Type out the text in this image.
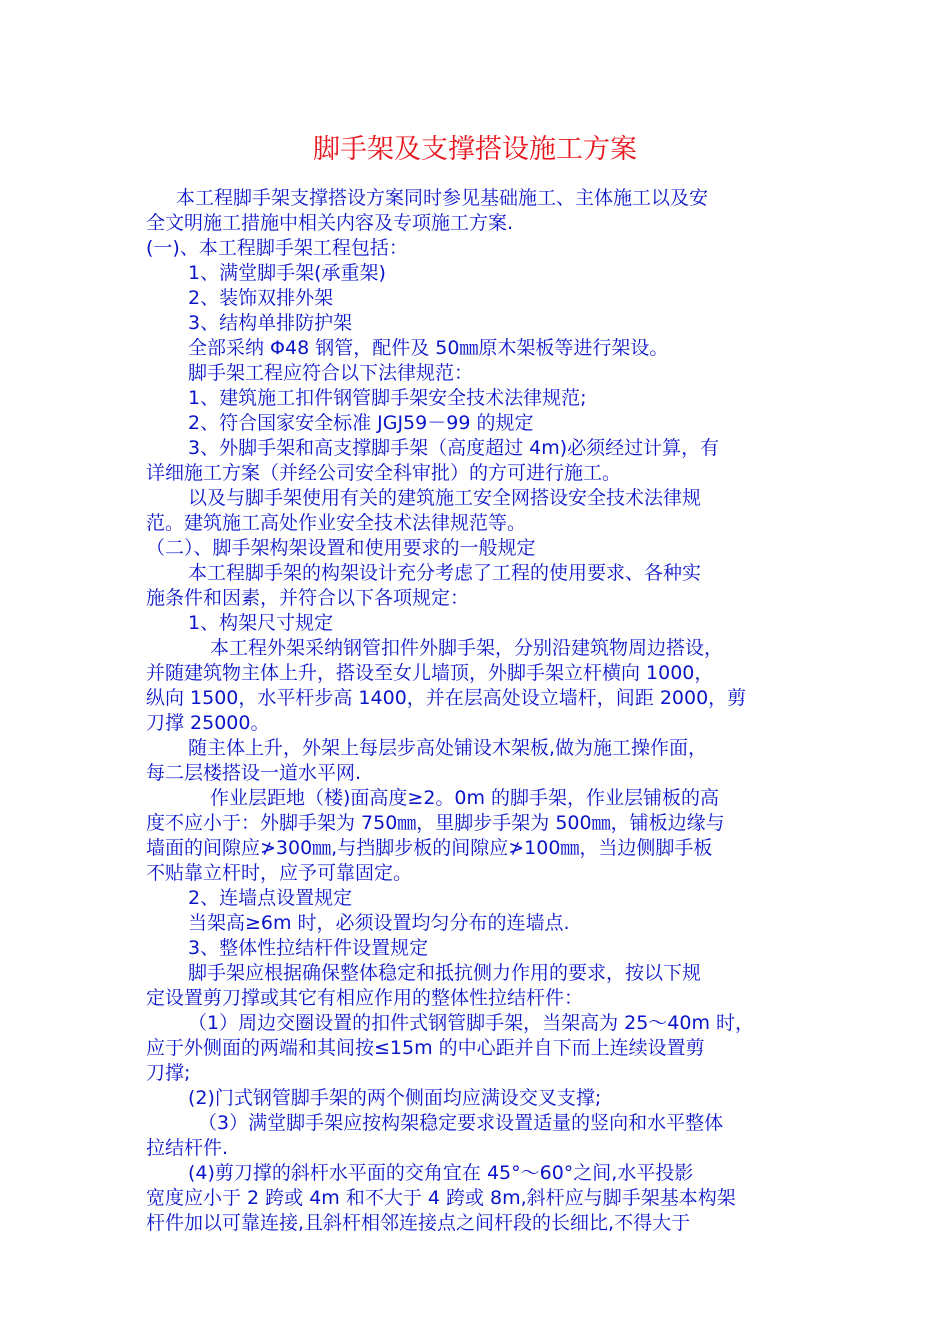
脚手架及支撑搭设施工方案
本工程脚手架支撑搭设方案同时参见基础施工、主体施工以及安
全文明施工措施中相关内容及专项施工方案.
(一)、本工程脚手架工程包括：
1、满堂脚手架(承重架)
2、装饰双排外架
3、结构单排防护架
全部采纳 Φ48 钢管，配件及 50㎜原木架板等进行架设。
脚手架工程应符合以下法律规范：
1、建筑施工扣件钢管脚手架安全技术法律规范;
2、符合国家安全标准 JGJ59－99 的规定
3、外脚手架和高支撑脚手架（高度超过 4m)必须经过计算，有
详细施工方案（并经公司安全科审批）的方可进行施工。
以及与脚手架使用有关的建筑施工安全网搭设安全技术法律规
范。建筑施工高处作业安全技术法律规范等。
（二）、脚手架构架设置和使用要求的一般规定
本工程脚手架的构架设计充分考虑了工程的使用要求、各种实
施条件和因素，并符合以下各项规定：
1、构架尺寸规定
本工程外架采纳钢管扣件外脚手架，分别沿建筑物周边搭设，
并随建筑物主体上升，搭设至女儿墙顶，外脚手架立杆横向 1000，
纵向 1500，水平杆步高 1400，并在层高处设立墙杆，间距 2000，剪
刀撑 25000。
随主体上升，外架上每层步高处铺设木架板,做为施工操作面，
每二层楼搭设一道水平网.
作业层距地（楼)面高度≥2。0m 的脚手架，作业层铺板的高
度不应小于：外脚手架为 750㎜，里脚步手架为 500㎜，铺板边缘与
墙面的间隙应≯300㎜,与挡脚步板的间隙应≯100㎜，当边侧脚手板
不贴靠立杆时，应予可靠固定。
2、连墙点设置规定
当架高≥6m 时，必须设置均匀分布的连墙点.
3、整体性拉结杆件设置规定
脚手架应根据确保整体稳定和抵抗侧力作用的要求，按以下规
定设置剪刀撑或其它有相应作用的整体性拉结杆件：
（1）周边交圈设置的扣件式钢管脚手架，当架高为 25～40m 时，
应于外侧面的两端和其间按≤15m 的中心距并自下而上连续设置剪
刀撑;
(2)门式钢管脚手架的两个侧面均应满设交叉支撑;
（3）满堂脚手架应按构架稳定要求设置适量的竖向和水平整体
拉结杆件.
(4)剪刀撑的斜杆水平面的交角宜在 45°～60°之间,水平投影
宽度应小于 2 跨或 4m 和不大于 4 跨或 8m,斜杆应与脚手架基本构架
杆件加以可靠连接,且斜杆相邻连接点之间杆段的长细比,不得大于
